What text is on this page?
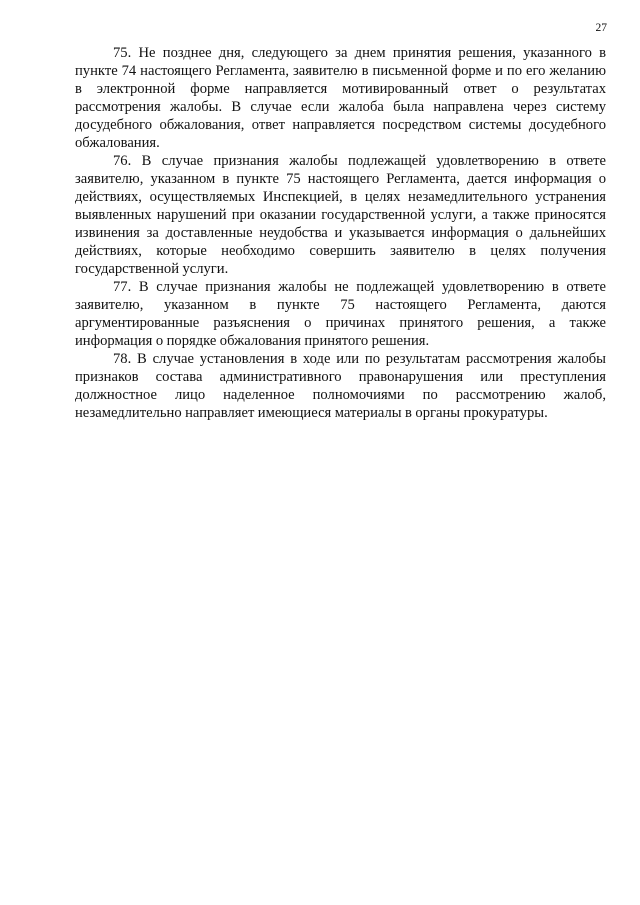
27

75. Не позднее дня, следующего за днем принятия решения, указанного в пункте 74 настоящего Регламента, заявителю в письменной форме и по его желанию в электронной форме направляется мотивированный ответ о результатах рассмотрения жалобы. В случае если жалоба была направлена через систему досудебного обжалования, ответ направляется посредством системы досудебного обжалования.

76. В случае признания жалобы подлежащей удовлетворению в ответе заявителю, указанном в пункте 75 настоящего Регламента, дается информация о действиях, осуществляемых Инспекцией, в целях незамедлительного устранения выявленных нарушений при оказании государственной услуги, а также приносятся извинения за доставленные неудобства и указывается информация о дальнейших действиях, которые необходимо совершить заявителю в целях получения государственной услуги.

77. В случае признания жалобы не подлежащей удовлетворению в ответе заявителю, указанном в пункте 75 настоящего Регламента, даются аргументированные разъяснения о причинах принятого решения, а также информация о порядке обжалования принятого решения.

78. В случае установления в ходе или по результатам рассмотрения жалобы признаков состава административного правонарушения или преступления должностное лицо наделенное полномочиями по рассмотрению жалоб, незамедлительно направляет имеющиеся материалы в органы прокуратуры.
